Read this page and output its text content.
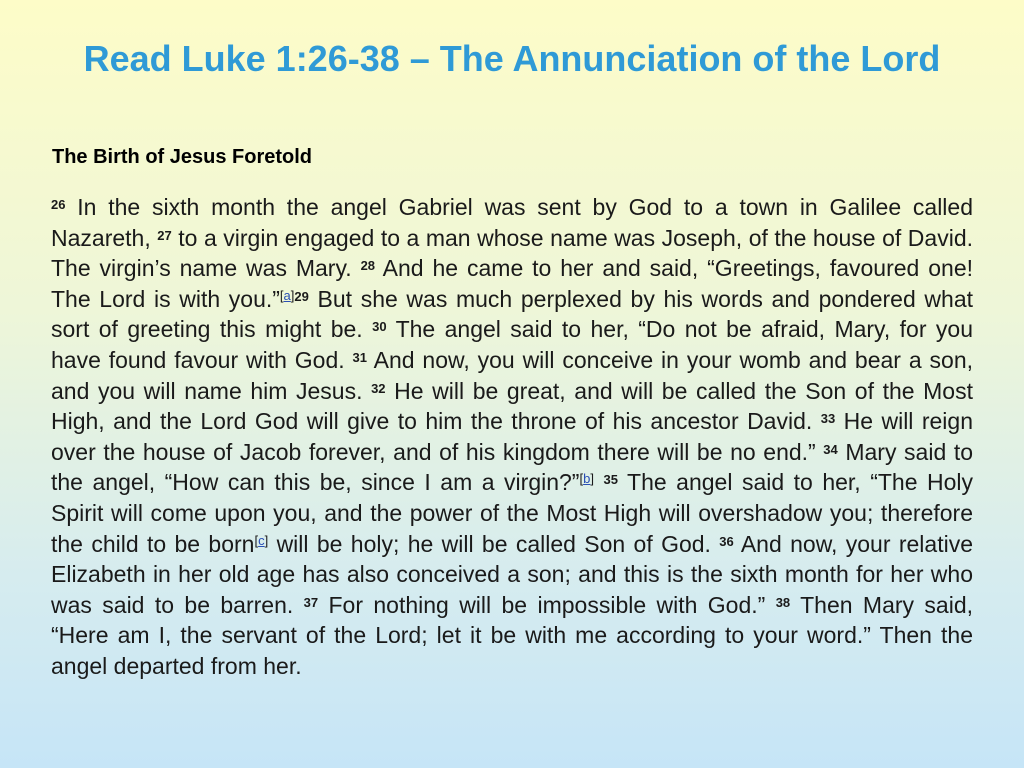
Read Luke 1:26-38 – The Annunciation of the Lord
The Birth of Jesus Foretold

$^{26}$ In the sixth month the angel Gabriel was sent by God to a town in Galilee called Nazareth, $^{27}$ to a virgin engaged to a man whose name was Joseph, of the house of David. The virgin’s name was Mary. $^{28}$ And he came to her and said, “Greetings, favoured one! The Lord is with you.”$^{[a]29}$ But she was much perplexed by his words and pondered what sort of greeting this might be. $^{30}$ The angel said to her, “Do not be afraid, Mary, for you have found favour with God. $^{31}$ And now, you will conceive in your womb and bear a son, and you will name him Jesus. $^{32}$ He will be great, and will be called the Son of the Most High, and the Lord God will give to him the throne of his ancestor David. $^{33}$ He will reign over the house of Jacob forever, and of his kingdom there will be no end.” $^{34}$ Mary said to the angel, “How can this be, since I am a virgin?”[b] $^{35}$ The angel said to her, “The Holy Spirit will come upon you, and the power of the Most High will overshadow you; therefore the child to be born[c] will be holy; he will be called Son of God. $^{36}$ And now, your relative Elizabeth in her old age has also conceived a son; and this is the sixth month for her who was said to be barren. $^{37}$ For nothing will be impossible with God.” $^{38}$ Then Mary said, “Here am I, the servant of the Lord; let it be with me according to your word.” Then the angel departed from her.
